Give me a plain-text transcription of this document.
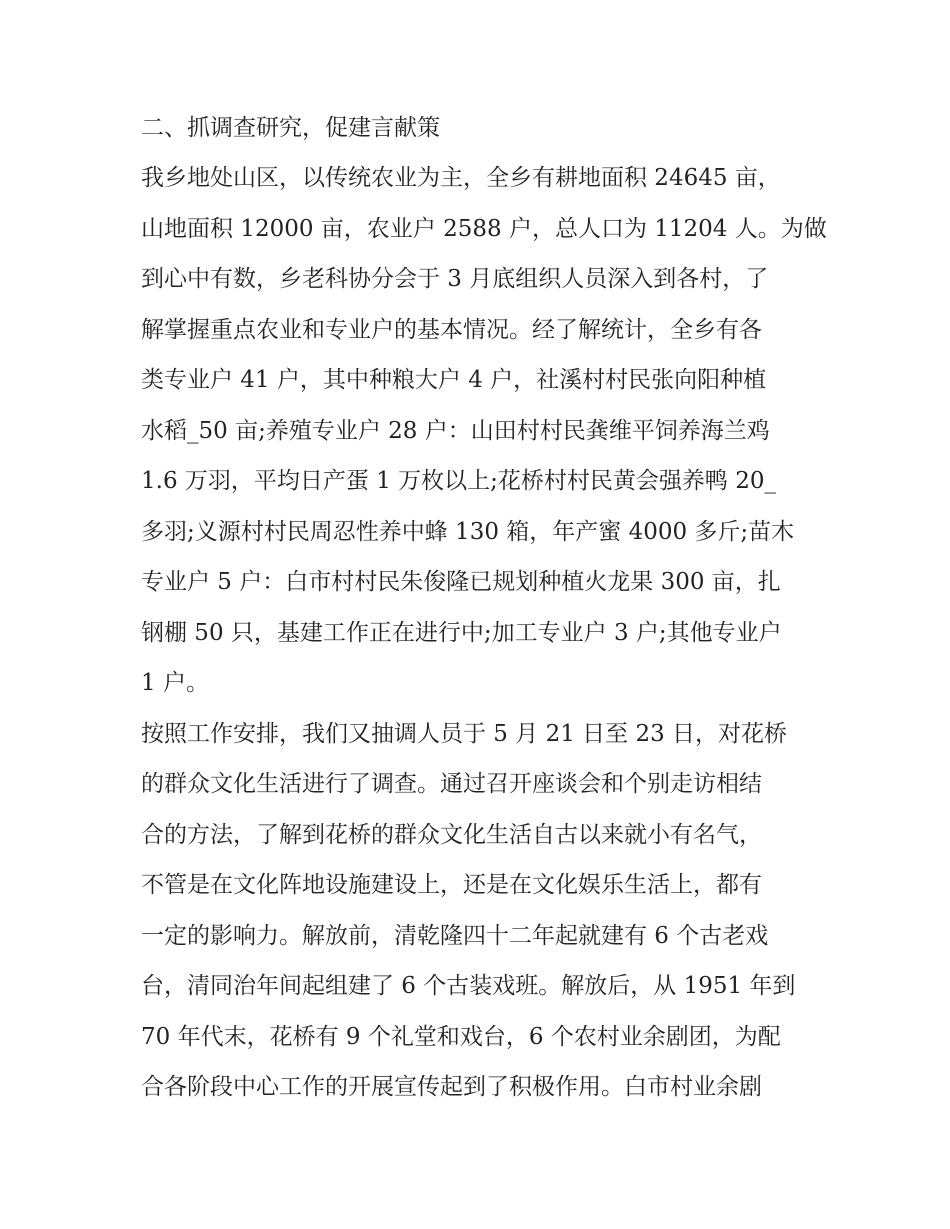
二、抓调查研究，促建言献策

我乡地处山区，以传统农业为主，全乡有耕地面积 24645 亩，

山地面积 12000 亩，农业户 2588 户，总人口为 11204 人。为做

到心中有数，乡老科协分会于 3 月底组织人员深入到各村，了

解掌握重点农业和专业户的基本情况。经了解统计，全乡有各

类专业户 41 户，其中种粮大户 4 户，社溪村村民张向阳种植

水稻_50 亩;养殖专业户 28 户：山田村村民龚维平饲养海兰鸡

1.6 万羽，平均日产蛋 1 万枚以上;花桥村村民黄会强养鸭 20_

多羽;义源村村民周忍性养中蜂 130 箱，年产蜜 4000 多斤;苗木

专业户 5 户：白市村村民朱俊隆已规划种植火龙果 300 亩，扎

钢棚 50 只，基建工作正在进行中;加工专业户 3 户;其他专业户

1 户。

按照工作安排，我们又抽调人员于 5 月 21 日至 23 日，对花桥

的群众文化生活进行了调查。通过召开座谈会和个别走访相结

合的方法，了解到花桥的群众文化生活自古以来就小有名气，

不管是在文化阵地设施建设上，还是在文化娱乐生活上，都有

一定的影响力。解放前，清乾隆四十二年起就建有 6 个古老戏

台，清同治年间起组建了 6 个古装戏班。解放后，从 1951 年到

70 年代末，花桥有 9 个礼堂和戏台，6 个农村业余剧团，为配

合各阶段中心工作的开展宣传起到了积极作用。白市村业余剧
